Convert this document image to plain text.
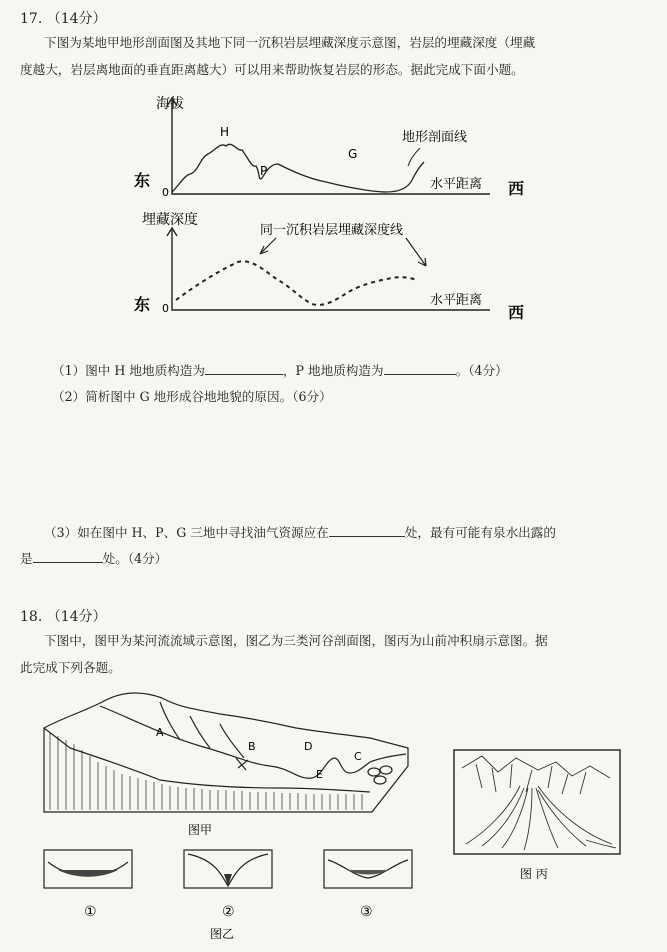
17. （14分）
下图为某地甲地形剖面图及其地下同一沉积岩层埋藏深度示意图，岩层的埋藏深度（埋藏
度越大，岩层离地面的垂直距离越大）可以用来帮助恢复岩层的形态。据此完成下面小题。
海拔
H
P
G
地形剖面线
东
0
水平距离 西
埋藏深度
同一沉积岩层埋藏深度线
东 0
水平距离
西
（1）图中 H 地地质构造为	，P 地地质构造为	。（4分）
（2）简析图中 G 地形成谷地地貌的原因。（6分）
（3）如在图中 H、P、G 三地中寻找油气资源应在	处，最有可能有泉水出露的
是	处。（4分）
18. （14分）
下图中，图甲为某河流流域示意图，图乙为三类河谷剖面图，图丙为山前冲积扇示意图。据
此完成下列各题。
A
B
C
D
E
图甲
图 丙
①	②	③
图乙
